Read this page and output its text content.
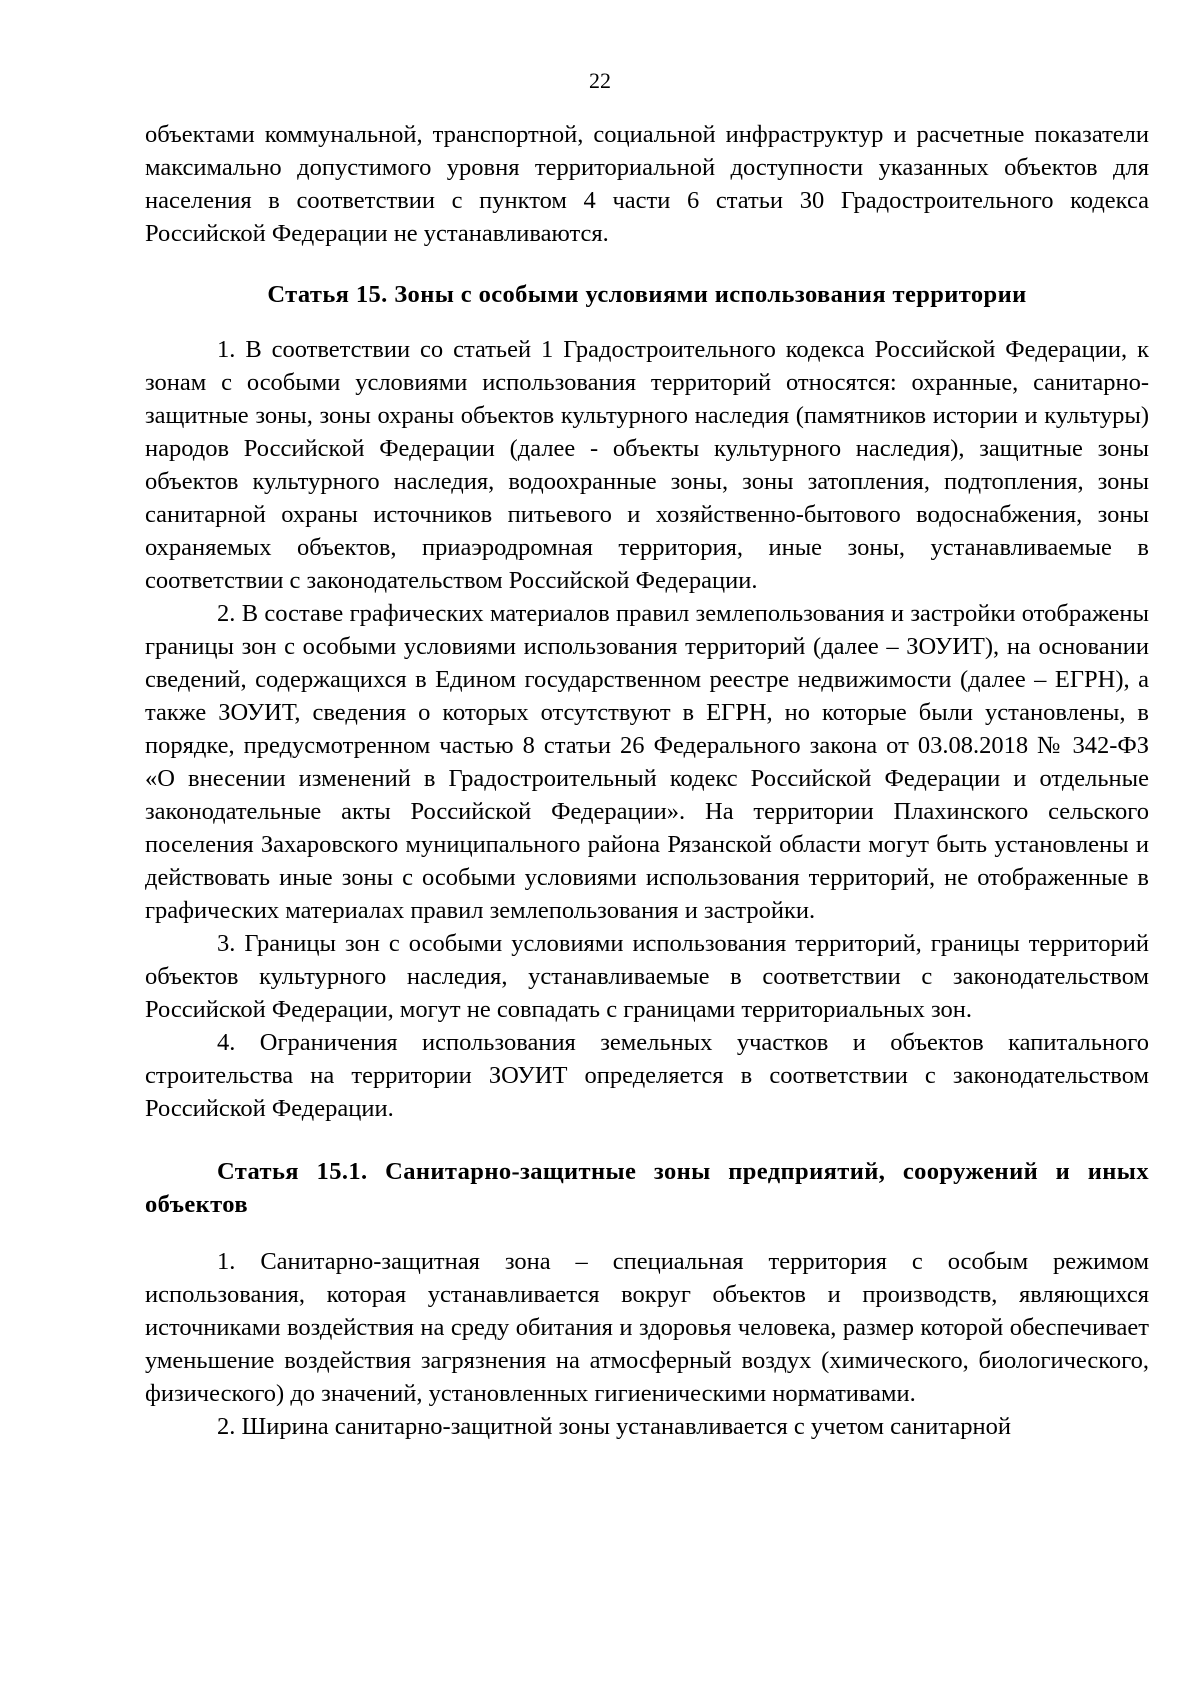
22

объектами коммунальной, транспортной, социальной инфраструктур и расчетные показатели максимально допустимого уровня территориальной доступности указанных объектов для населения в соответствии с пунктом 4 части 6 статьи 30 Градостроительного кодекса Российской Федерации не устанавливаются.

Статья 15. Зоны с особыми условиями использования территории

1. В соответствии со статьей 1 Градостроительного кодекса Российской Федерации, к зонам с особыми условиями использования территорий относятся: охранные, санитарно-защитные зоны, зоны охраны объектов культурного наследия (памятников истории и культуры) народов Российской Федерации (далее - объекты культурного наследия), защитные зоны объектов культурного наследия, водоохранные зоны, зоны затопления, подтопления, зоны санитарной охраны источников питьевого и хозяйственно-бытового водоснабжения, зоны охраняемых объектов, приаэродромная территория, иные зоны, устанавливаемые в соответствии с законодательством Российской Федерации.

2. В составе графических материалов правил землепользования и застройки отображены границы зон с особыми условиями использования территорий (далее – ЗОУИТ), на основании сведений, содержащихся в Едином государственном реестре недвижимости (далее – ЕГРН), а также ЗОУИТ, сведения о которых отсутствуют в ЕГРН, но которые были установлены, в порядке, предусмотренном частью 8 статьи 26 Федерального закона от 03.08.2018 № 342-ФЗ «О внесении изменений в Градостроительный кодекс Российской Федерации и отдельные законодательные акты Российской Федерации». На территории Плахинского сельского поселения Захаровского муниципального района Рязанской области могут быть установлены и действовать иные зоны с особыми условиями использования территорий, не отображенные в графических материалах правил землепользования и застройки.

3. Границы зон с особыми условиями использования территорий, границы территорий объектов культурного наследия, устанавливаемые в соответствии с законодательством Российской Федерации, могут не совпадать с границами территориальных зон.

4. Ограничения использования земельных участков и объектов капитального строительства на территории ЗОУИТ определяется в соответствии с законодательством Российской Федерации.

Статья 15.1. Санитарно-защитные зоны предприятий, сооружений и иных объектов

1. Санитарно-защитная зона – специальная территория с особым режимом использования, которая устанавливается вокруг объектов и производств, являющихся источниками воздействия на среду обитания и здоровья человека, размер которой обеспечивает уменьшение воздействия загрязнения на атмосферный воздух (химического, биологического, физического) до значений, установленных гигиеническими нормативами.

2. Ширина санитарно-защитной зоны устанавливается с учетом санитарной
